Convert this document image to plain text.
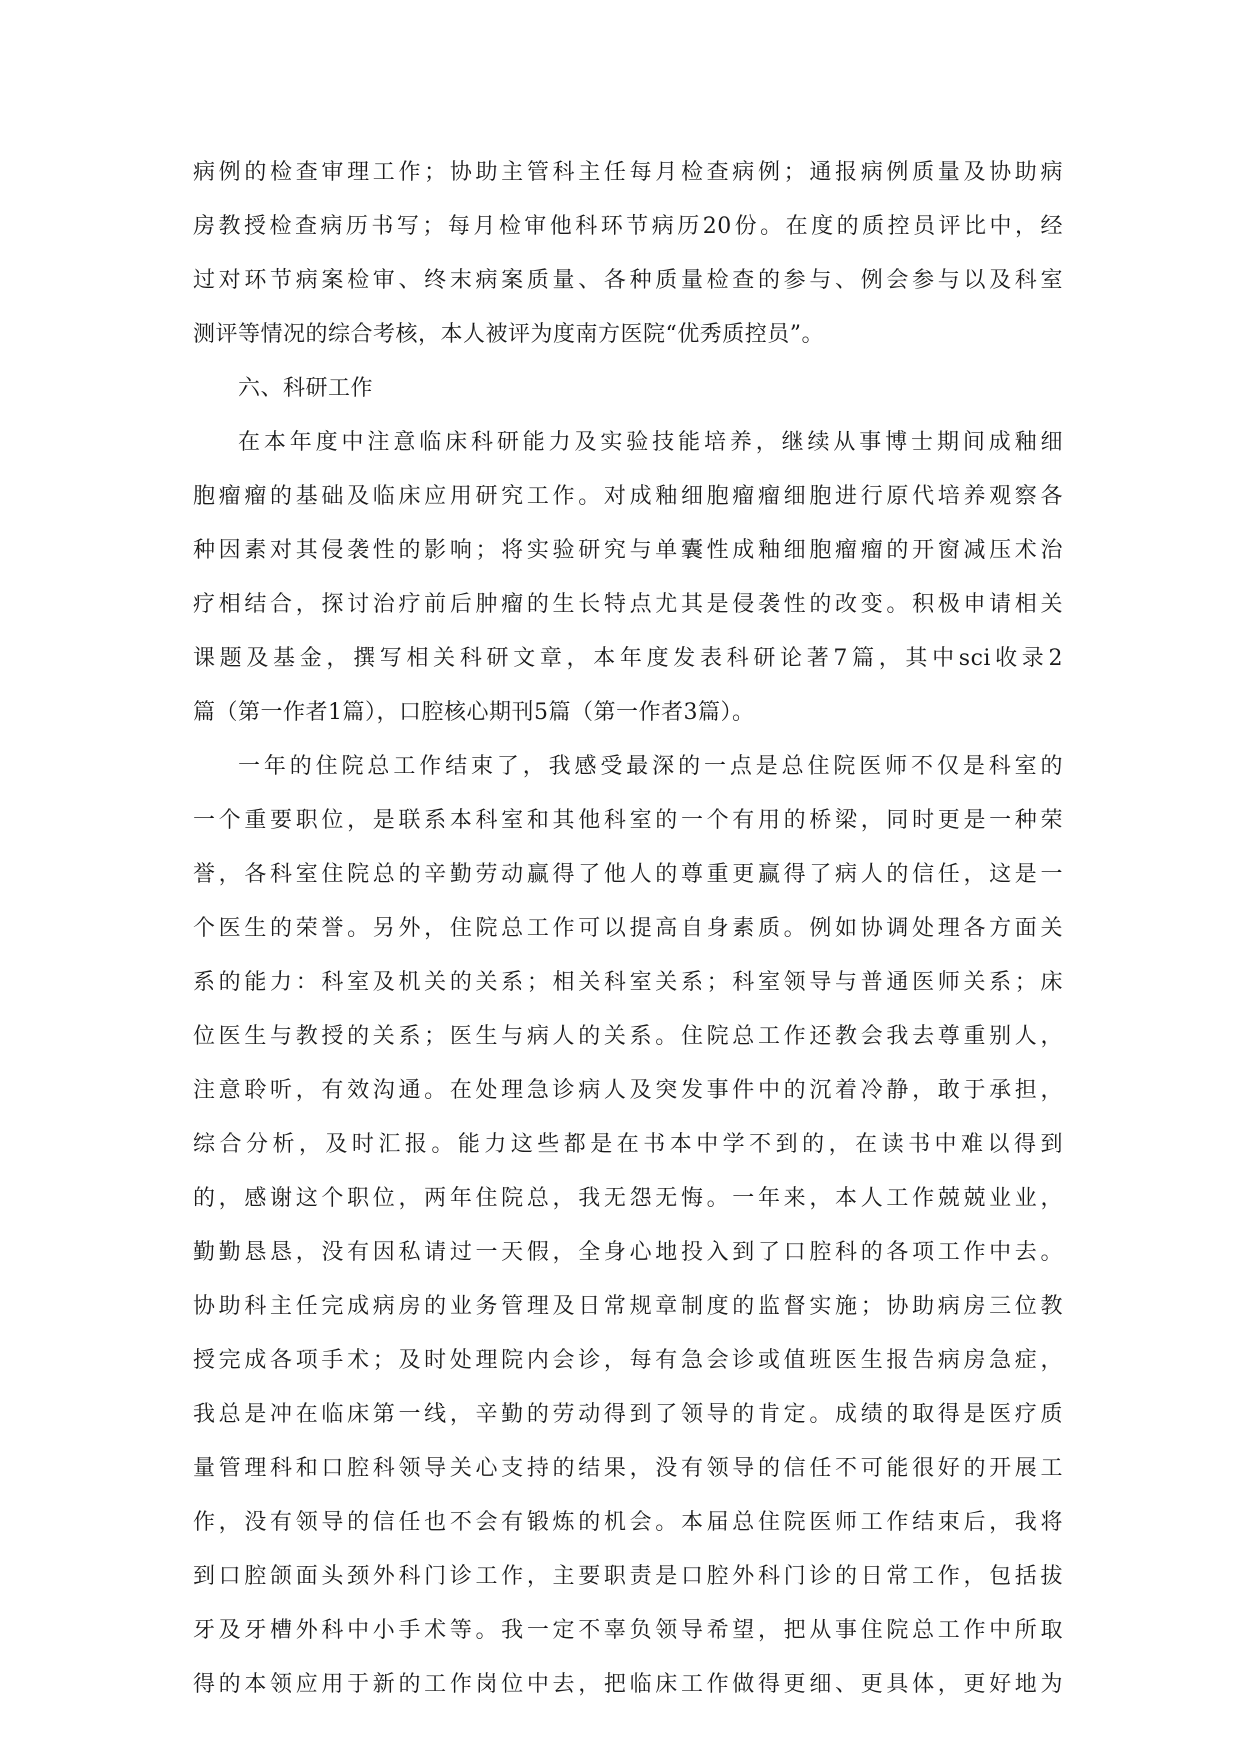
病例的检查审理工作；协助主管科主任每月检查病例；通报病例质量及协助病
房教授检查病历书写；每月检审他科环节病历20份。在度的质控员评比中，经
过对环节病案检审、终末病案质量、各种质量检查的参与、例会参与以及科室
测评等情况的综合考核，本人被评为度南方医院“优秀质控员”。
六、科研工作
在本年度中注意临床科研能力及实验技能培养，继续从事博士期间成釉细
胞瘤瘤的基础及临床应用研究工作。对成釉细胞瘤瘤细胞进行原代培养观察各
种因素对其侵袭性的影响；将实验研究与单囊性成釉细胞瘤瘤的开窗减压术治
疗相结合，探讨治疗前后肿瘤的生长特点尤其是侵袭性的改变。积极申请相关
课题及基金，撰写相关科研文章，本年度发表科研论著7篇，其中sci收录2
篇（第一作者1篇），口腔核心期刊5篇（第一作者3篇）。
一年的住院总工作结束了，我感受最深的一点是总住院医师不仅是科室的
一个重要职位，是联系本科室和其他科室的一个有用的桥梁，同时更是一种荣
誉，各科室住院总的辛勤劳动赢得了他人的尊重更赢得了病人的信任，这是一
个医生的荣誉。另外，住院总工作可以提高自身素质。例如协调处理各方面关
系的能力：科室及机关的关系；相关科室关系；科室领导与普通医师关系；床
位医生与教授的关系；医生与病人的关系。住院总工作还教会我去尊重别人，
注意聆听，有效沟通。在处理急诊病人及突发事件中的沉着冷静，敢于承担，
综合分析，及时汇报。能力这些都是在书本中学不到的，在读书中难以得到
的，感谢这个职位，两年住院总，我无怨无悔。一年来，本人工作兢兢业业，
勤勤恳恳，没有因私请过一天假，全身心地投入到了口腔科的各项工作中去。
协助科主任完成病房的业务管理及日常规章制度的监督实施；协助病房三位教
授完成各项手术；及时处理院内会诊，每有急会诊或值班医生报告病房急症，
我总是冲在临床第一线，辛勤的劳动得到了领导的肯定。成绩的取得是医疗质
量管理科和口腔科领导关心支持的结果，没有领导的信任不可能很好的开展工
作，没有领导的信任也不会有锻炼的机会。本届总住院医师工作结束后，我将
到口腔颌面头颈外科门诊工作，主要职责是口腔外科门诊的日常工作，包括拔
牙及牙槽外科中小手术等。我一定不辜负领导希望，把从事住院总工作中所取
得的本领应用于新的工作岗位中去，把临床工作做得更细、更具体，更好地为
